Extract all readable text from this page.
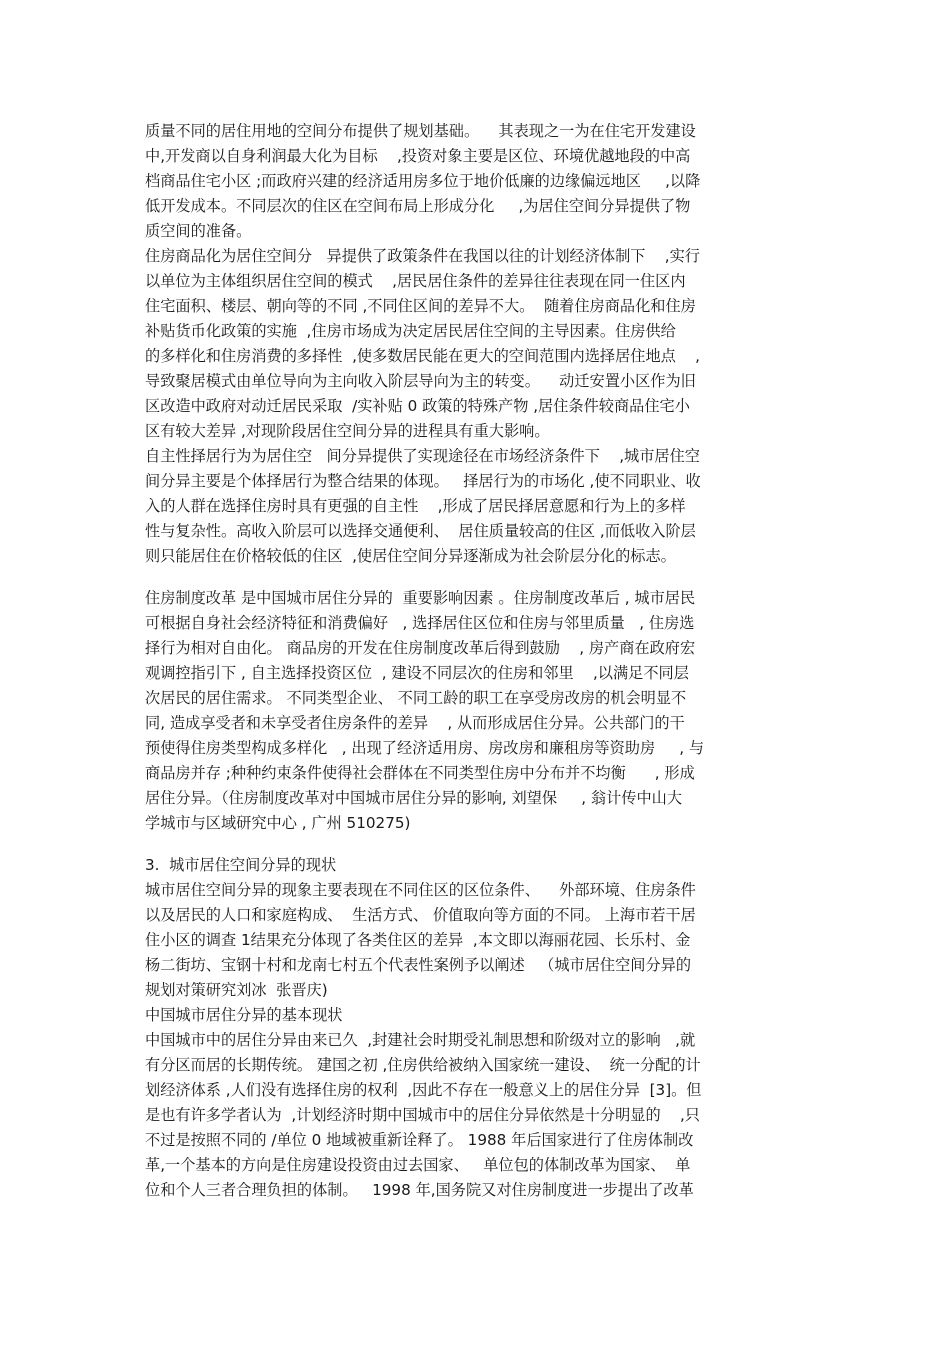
质量不同的居住用地的空间分布提供了规划基础。    其表现之一为在住宅开发建设
中,开发商以自身利润最大化为目标    ,投资对象主要是区位、环境优越地段的中高
档商品住宅小区 ;而政府兴建的经济适用房多位于地价低廉的边缘偏远地区     ,以降
低开发成本。不同层次的住区在空间布局上形成分化     ,为居住空间分异提供了物
质空间的准备。
住房商品化为居住空间分   异提供了政策条件在我国以往的计划经济体制下    ,实行
以单位为主体组织居住空间的模式    ,居民居住条件的差异往往表现在同一住区内
住宅面积、楼层、朝向等的不同 ,不同住区间的差异不大。  随着住房商品化和住房
补贴货币化政策的实施  ,住房市场成为决定居民居住空间的主导因素。住房供给
的多样化和住房消费的多择性  ,使多数居民能在更大的空间范围内选择居住地点    ,
导致聚居模式由单位导向为主向收入阶层导向为主的转变。    动迁安置小区作为旧
区改造中政府对动迁居民采取  /实补贴 0 政策的特殊产物 ,居住条件较商品住宅小
区有较大差异 ,对现阶段居住空间分异的进程具有重大影响。
自主性择居行为为居住空   间分异提供了实现途径在市场经济条件下    ,城市居住空
间分异主要是个体择居行为整合结果的体现。   择居行为的市场化 ,使不同职业、收
入的人群在选择住房时具有更强的自主性    ,形成了居民择居意愿和行为上的多样
性与复杂性。高收入阶层可以选择交通便利、  居住质量较高的住区 ,而低收入阶层
则只能居住在价格较低的住区  ,使居住空间分异逐渐成为社会阶层分化的标志。
住房制度改革 是中国城市居住分异的  重要影响因素 。住房制度改革后 , 城市居民
可根据自身社会经济特征和消费偏好   , 选择居住区位和住房与邻里质量   , 住房选
择行为相对自由化。 商品房的开发在住房制度改革后得到鼓励    , 房产商在政府宏
观调控指引下 , 自主选择投资区位  , 建设不同层次的住房和邻里    ,以满足不同层
次居民的居住需求。 不同类型企业、 不同工龄的职工在享受房改房的机会明显不
同, 造成享受者和未享受者住房条件的差异    , 从而形成居住分异。公共部门的干
预使得住房类型构成多样化   , 出现了经济适用房、房改房和廉租房等资助房     , 与
商品房并存 ;种种约束条件使得社会群体在不同类型住房中分布并不均衡      , 形成
居住分异。（住房制度改革对中国城市居住分异的影响, 刘望保     , 翁计传中山大
学城市与区域研究中心 , 广州 510275)
3.  城市居住空间分异的现状
城市居住空间分异的现象主要表现在不同住区的区位条件、    外部环境、住房条件
以及居民的人口和家庭构成、  生活方式、 价值取向等方面的不同。 上海市若干居
住小区的调查 1结果充分体现了各类住区的差异  ,本文即以海丽花园、长乐村、金
杨二街坊、宝钢十村和龙南七村五个代表性案例予以阐述   （城市居住空间分异的
规划对策研究刘冰  张晋庆)
中国城市居住分异的基本现状
中国城市中的居住分异由来已久  ,封建社会时期受礼制思想和阶级对立的影响   ,就
有分区而居的长期传统。 建国之初 ,住房供给被纳入国家统一建设、  统一分配的计
划经济体系 ,人们没有选择住房的权利  ,因此不存在一般意义上的居住分异  [3]。但
是也有许多学者认为  ,计划经济时期中国城市中的居住分异依然是十分明显的    ,只
不过是按照不同的 /单位 0 地域被重新诠释了。 1988 年后国家进行了住房体制改
革,一个基本的方向是住房建设投资由过去国家、   单位包的体制改革为国家、  单
位和个人三者合理负担的体制。   1998 年,国务院又对住房制度进一步提出了改革
